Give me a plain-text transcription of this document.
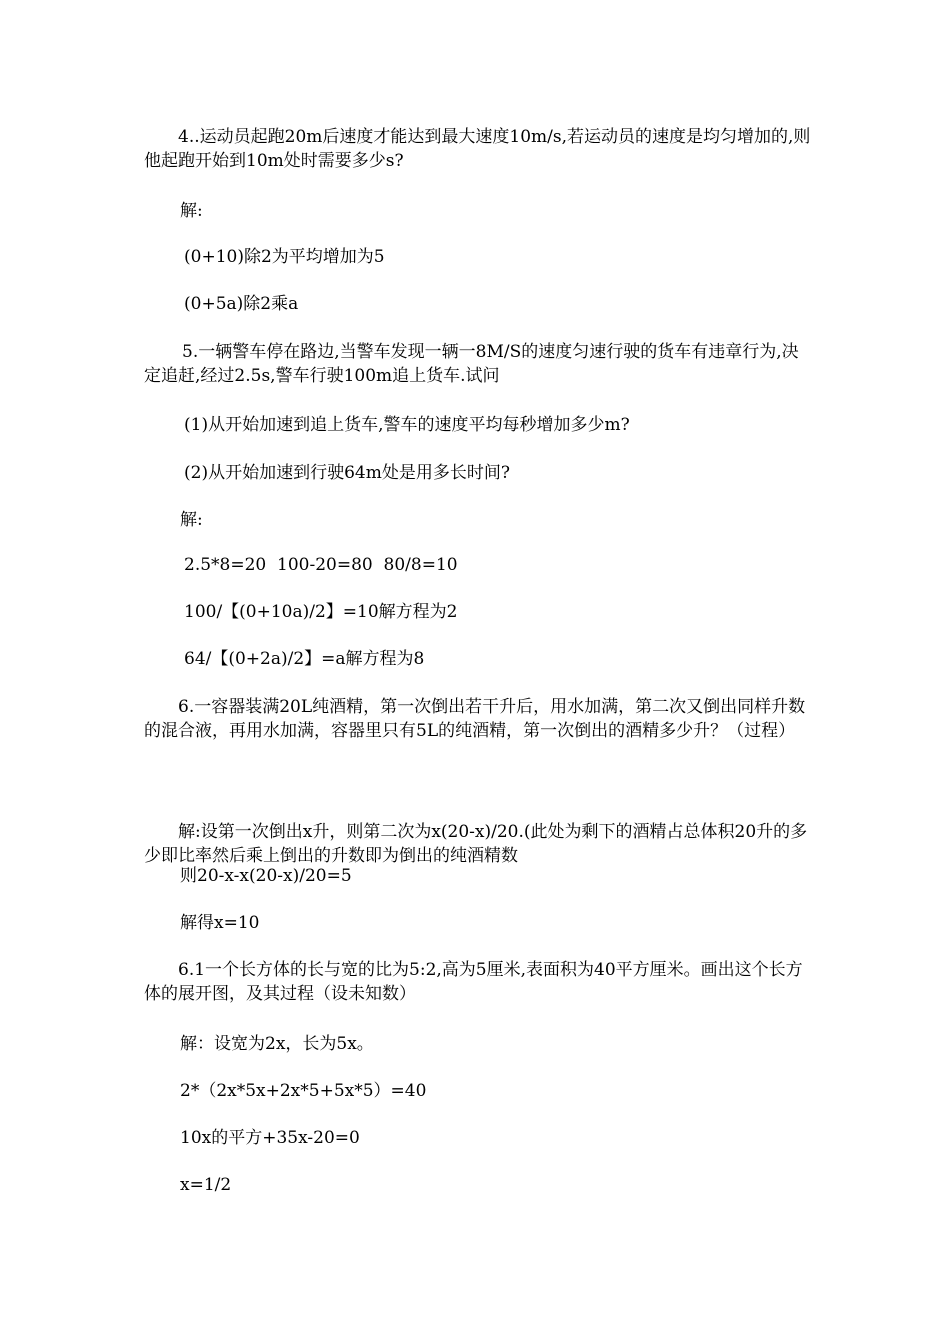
4..运动员起跑20m后速度才能达到最大速度10m/s,若运动员的速度是均匀增加的,则他起跑开始到10m处时需要多少s?

解:

(0+10)除2为平均增加为5

(0+5a)除2乘a

5.一辆警车停在路边,当警车发现一辆一8M/S的速度匀速行驶的货车有违章行为,决定追赶,经过2.5s,警车行驶100m追上货车.试问

(1)从开始加速到追上货车,警车的速度平均每秒增加多少m?

(2)从开始加速到行驶64m处是用多长时间?

解:

2.5*8=20  100-20=80  80/8=10

100/【(0+10a)/2】=10解方程为2

64/【(0+2a)/2】=a解方程为8

6.一容器装满20L纯酒精，第一次倒出若干升后，用水加满，第二次又倒出同样升数的混合液，再用水加满，容器里只有5L的纯酒精，第一次倒出的酒精多少升？（过程）

解:设第一次倒出x升，则第二次为x(20-x)/20.(此处为剩下的酒精占总体积20升的多少即比率然后乘上倒出的升数即为倒出的纯酒精数

则20-x-x(20-x)/20=5

解得x=10

6.1一个长方体的长与宽的比为5:2,高为5厘米,表面积为40平方厘米。画出这个长方体的展开图，及其过程（设未知数）

解：设宽为2x，长为5x。

2*（2x*5x+2x*5+5x*5）=40

10x的平方+35x-20=0

x=1/2
